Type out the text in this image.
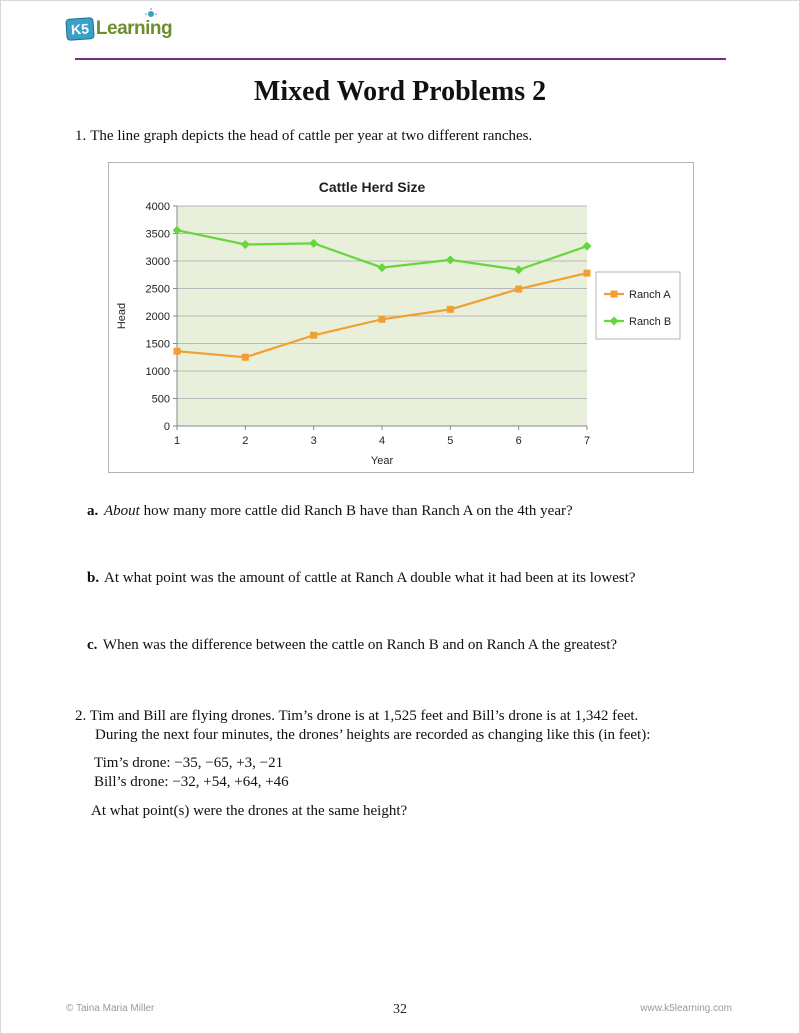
K5 Learning
Mixed Word Problems 2
1. The line graph depicts the head of cattle per year at two different ranches.
Cattle Herd Size
0
500
1000
1500
2000
2500
3000
3500
4000
1	2	3	4	5	6	7
Year
Head
Ranch A
Ranch B
a. About how many more cattle did Ranch B have than Ranch A on the 4th year?
b. At what point was the amount of cattle at Ranch A double what it had been at its lowest?
c. When was the difference between the cattle on Ranch B and on Ranch A the greatest?
2. Tim and Bill are flying drones. Tim’s drone is at 1,525 feet and Bill’s drone is at 1,342 feet.
During the next four minutes, the drones’ heights are recorded as changing like this (in feet):
Tim’s drone: −35, −65, +3, −21
Bill’s drone: −32, +54, +64, +46
At what point(s) were the drones at the same height?
© Taina Maria Miller	32	www.k5learning.com
